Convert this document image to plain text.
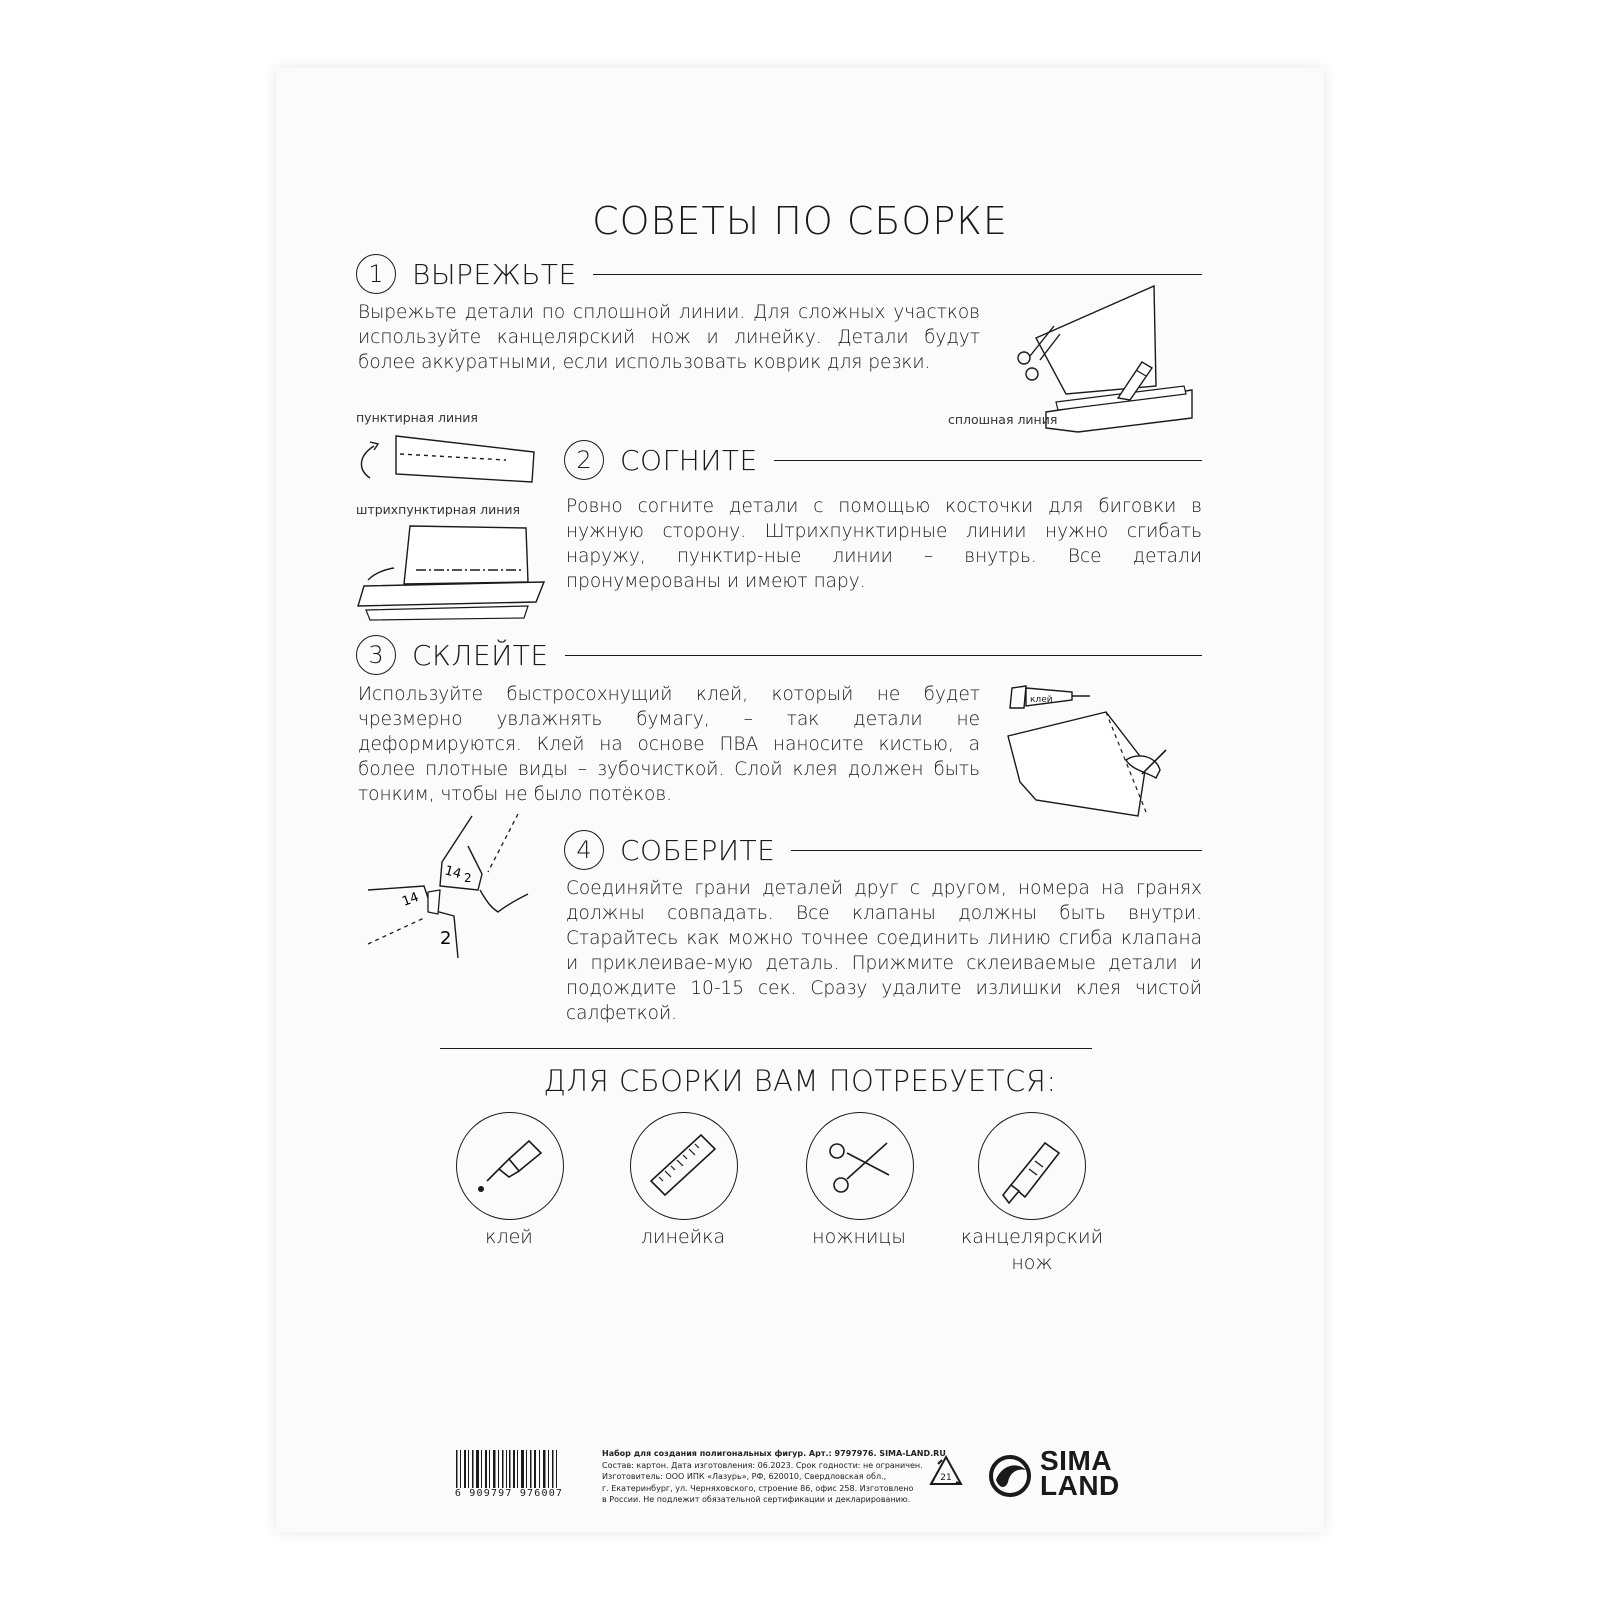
СОВЕТЫ ПО СБОРКЕ
1	ВЫРЕЖЬТЕ
Вырежьте детали по сплошной линии. Для сложных участков используйте канцелярский нож и линейку. Детали будут более аккуратными, если использовать коврик для резки.
сплошная линия
пунктирная линия
штрихпунктирная линия
2	СОГНИТЕ
Ровно согните детали с помощью косточки для биговки в нужную сторону. Штрихпунктирные линии нужно сгибать наружу, пунктир-ные линии – внутрь. Все детали пронумерованы и имеют пару.
3	СКЛЕЙТЕ
Используйте быстросохнущий клей, который не будет чрезмерно увлажнять бумагу, – так детали не деформируются. Клей на основе ПВА наносите кистью, а более плотные виды – зубочисткой. Слой клея должен быть тонким, чтобы не было потёков.
клей
14 2
14
2
4	СОБЕРИТЕ
Соединяйте грани деталей друг с другом, номера на гранях должны совпадать. Все клапаны должны быть внутри. Старайтесь как можно точнее соединить линию сгиба клапана и приклеивае-мую деталь. Прижмите склеиваемые детали и подождите 10-15 сек. Сразу удалите излишки клея чистой салфеткой.
ДЛЯ СБОРКИ ВАМ ПОТРЕБУЕТСЯ:
клей	линейка	ножницы	канцелярский нож
6 909797 976007
Набор для создания полигональных фигур. Арт.: 9797976. SIMA-LAND.RU
Состав: картон. Дата изготовления: 06.2023. Срок годности: не ограничен.
Изготовитель: ООО ИПК «Лазурь», РФ, 620010, Свердловская обл.,
г. Екатеринбург, ул. Черняховского, строение 86, офис 258. Изготовлено
в России. Не подлежит обязательной сертификации и декларированию.
21
SIMA
LAND
